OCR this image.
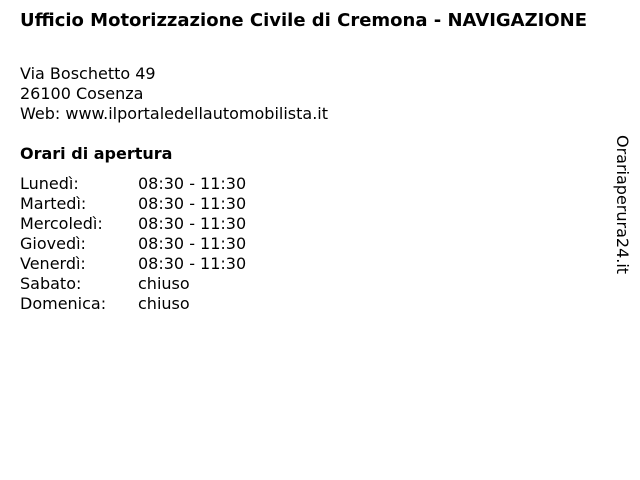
Ufficio Motorizzazione Civile di Cremona - NAVIGAZIONE
Via Boschetto 49
26100 Cosenza
Web: www.ilportaledellautomobilista.it
Orari di apertura
Lunedì:	08:30 - 11:30
Martedì:	08:30 - 11:30
Mercoledì: 08:30 - 11:30
Giovedì:	08:30 - 11:30
Venerdì:	08:30 - 11:30
Sabato:	chiuso
Domenica: chiuso
Orariaperura24.it
